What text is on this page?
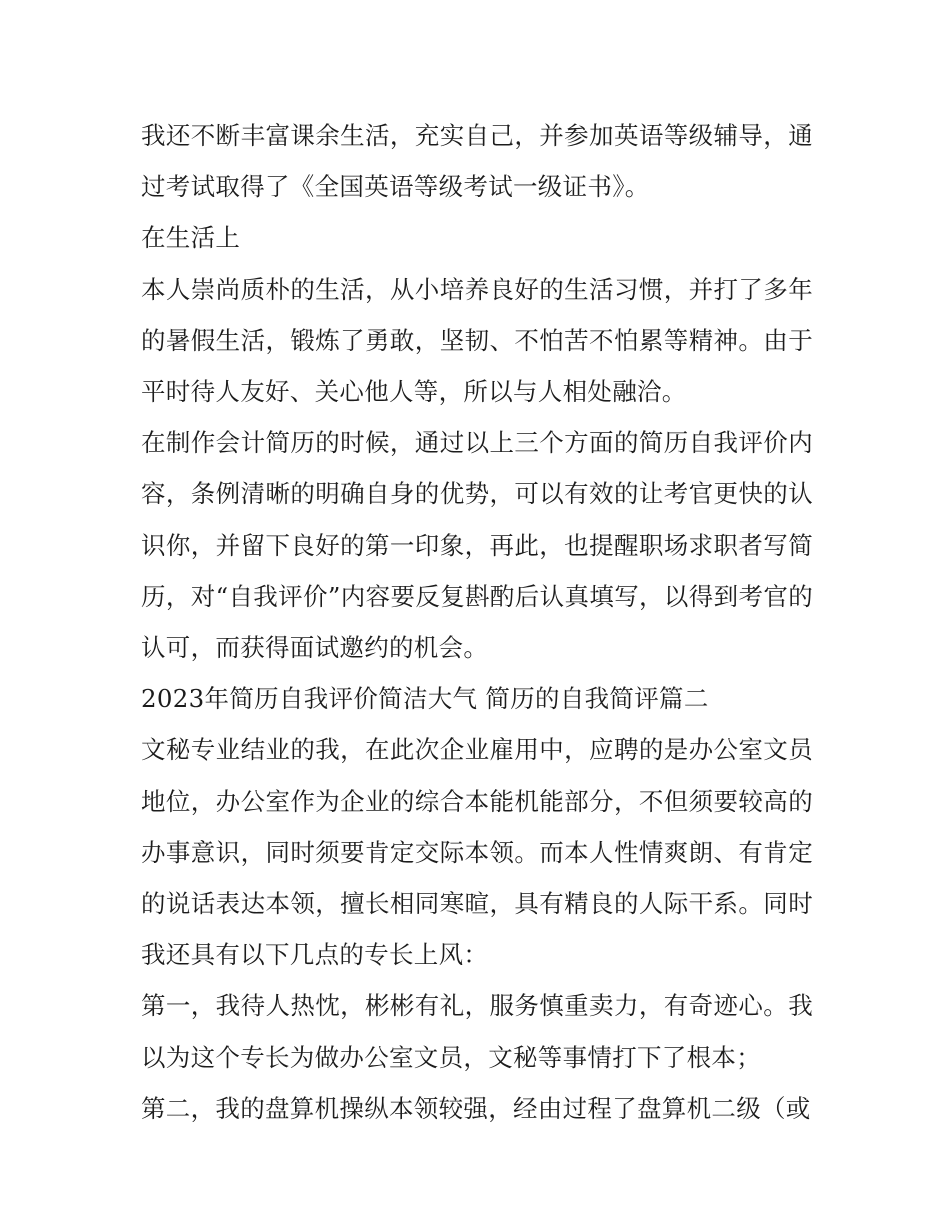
我还不断丰富课余生活，充实自己，并参加英语等级辅导，通过考试取得了《全国英语等级考试一级证书》。

在生活上

本人崇尚质朴的生活，从小培养良好的生活习惯，并打了多年的暑假生活，锻炼了勇敢，坚韧、不怕苦不怕累等精神。由于平时待人友好、关心他人等，所以与人相处融洽。

在制作会计简历的时候，通过以上三个方面的简历自我评价内容，条例清晰的明确自身的优势，可以有效的让考官更快的认识你，并留下良好的第一印象，再此，也提醒职场求职者写简历，对“自我评价”内容要反复斟酌后认真填写，以得到考官的认可，而获得面试邀约的机会。

2023年简历自我评价简洁大气 简历的自我简评篇二

文秘专业结业的我，在此次企业雇用中，应聘的是办公室文员地位，办公室作为企业的综合本能机能部分，不但须要较高的办事意识，同时须要肯定交际本领。而本人性情爽朗、有肯定的说话表达本领，擅长相同寒暄，具有精良的人际干系。同时我还具有以下几点的专长上风：

第一，我待人热忱，彬彬有礼，服务慎重卖力，有奇迹心。我以为这个专长为做办公室文员，文秘等事情打下了根本；

第二，我的盘算机操纵本领较强，经由过程了盘算机二级（或
